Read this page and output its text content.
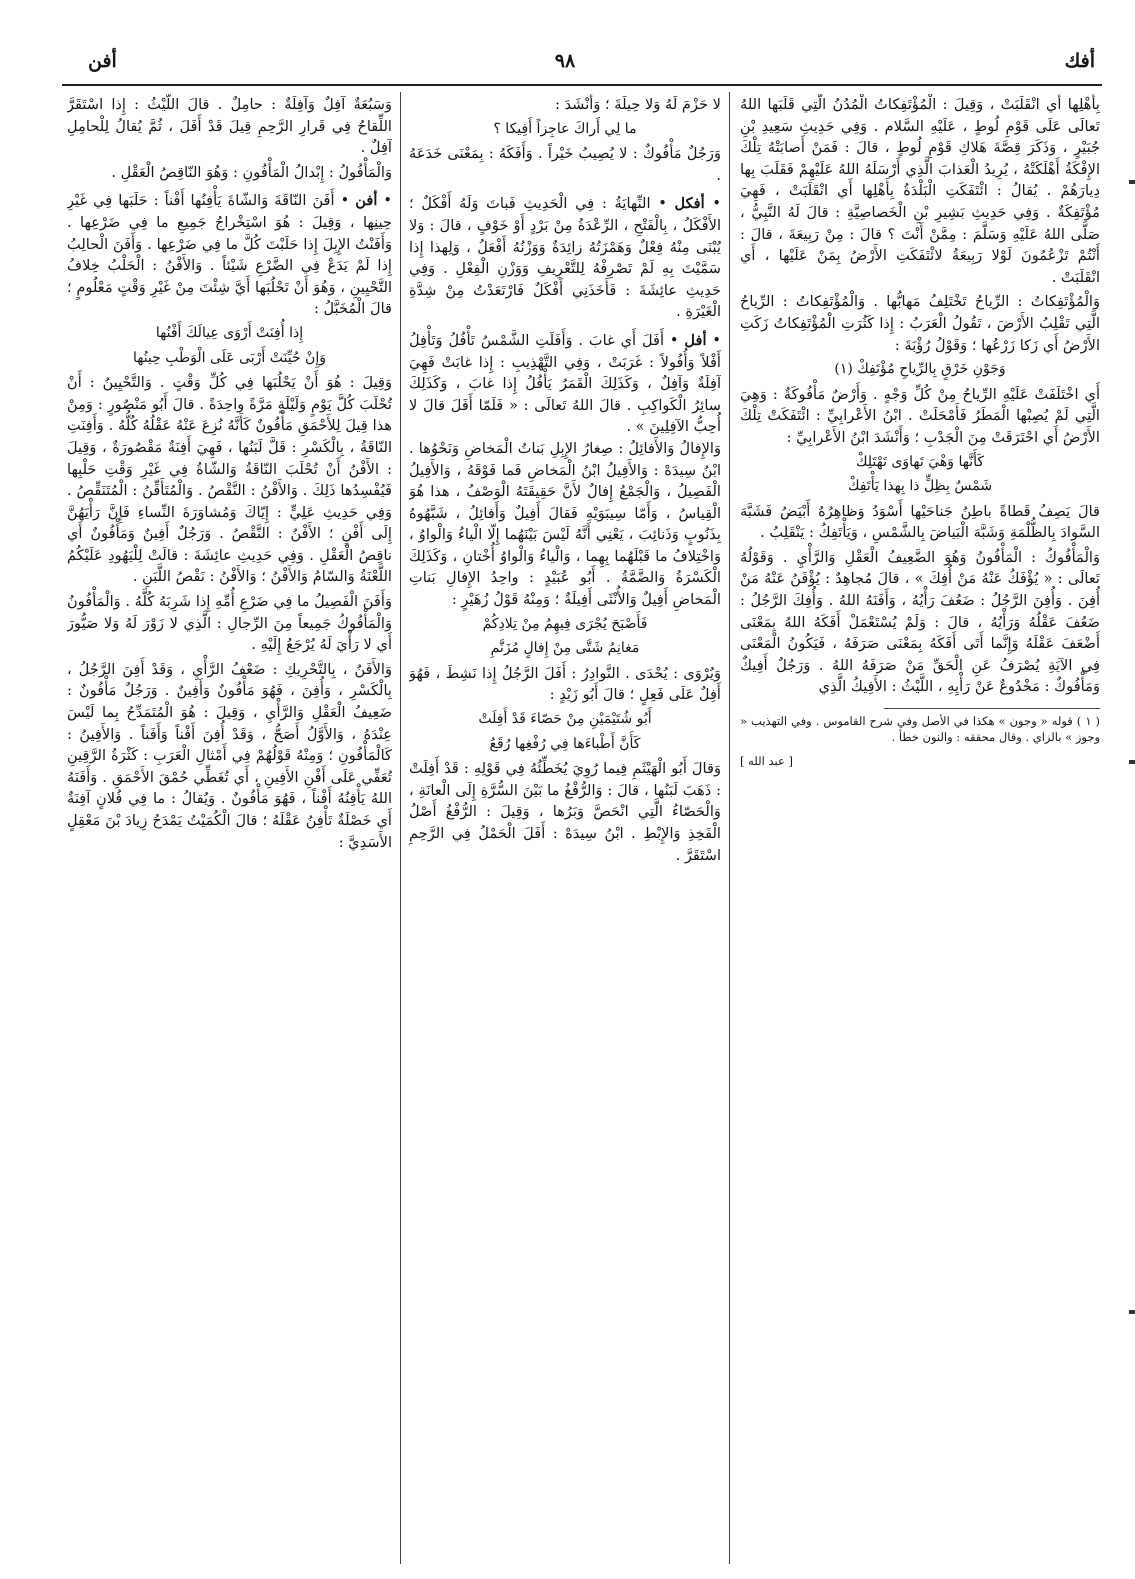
أفك
٩٨
أفن
بِأَهْلِها أَي انْقَلَبَتْ ، وَقِيلَ : الْمُؤْتَفِكاتُ الْمُدُنُ الَّتِي قَلَبَها اللهُ تَعالَى عَلَى قَوْمِ لُوطٍ ، عَلَيْهِ السَّلام . وَفِي حَدِيثِ سَعِيدِ بْنِ جُبَيْرٍ ، وَذَكَرَ قِصَّةَ هَلاكِ قَوْمِ لُوطٍ ، قالَ : فَمَنْ أَصابَتْهُ تِلْكَ الإِفْكَةُ أَهْلَكَتْهُ ، يُرِيدُ الْعَذابَ الَّذِي أَرْسَلَهُ اللهُ عَلَيْهِمْ فَقَلَبَ بِها دِيارَهُمْ . يُقالُ : ائْتَفَكَتِ الْبَلْدَةُ بِأَهْلِها أَي انْقَلَبَتْ ، فَهِيَ مُؤْتَفِكَةٌ . وَفِي حَدِيثِ بَشِيرِ بْنِ الْخَصاصِيَّةِ : قالَ لَهُ النَّبِيُّ ، صَلَّى اللهُ عَلَيْهِ وَسَلَّمَ : مِمَّنْ أَنْتَ ؟ قالَ : مِنْ رَبِيعَةَ ، قالَ : أَنْتُمْ تَزْعُمُونَ لَوْلا رَبِيعَةُ لائْتَفَكَتِ الأَرْضُ بِمَنْ عَلَيْها ، أَي انْقَلَبَتْ .
وَالْمُؤْتَفِكاتُ : الرِّياحُ تَخْتَلِفُ مَهابُّها . وَالْمُؤْتَفِكاتُ : الرِّياحُ الَّتِي تَقْلِبُ الأَرْضَ ، تَقُولُ الْعَرَبُ : إِذا كَثُرَتِ الْمُؤْتَفِكاتُ زَكَتِ الأَرْضُ أَي زَكا زَرْعُها ؛ وَقَوْلُ رُؤْبَةَ :
وَجَوْنِ خَرْقٍ بِالرِّياحِ مُؤْتَفِكْ (١)
أَي اخْتَلَفَتْ عَلَيْهِ الرِّياحُ مِنْ كُلِّ وَجْهٍ . وَأَرْضٌ مَأْفُوكَةٌ : وَهِيَ الَّتِي لَمْ يُصِبْها الْمَطَرُ فَأَمْحَلَتْ . ابْنُ الأَعْرابِيِّ : ائْتَفَكَتْ تِلْكَ الأَرْضُ أَي احْتَرَقَتْ مِنَ الْجَدْبِ ؛ وَأَنْشَدَ ابْنُ الأَعْرابِيِّ :
كَأَنَّها وَهْيَ تَهاوَى تَهْتَلِكْ
شَمْسٌ بِظِلٍّ ذا بِهذا يَأْتَفِكْ
قالَ يَصِفُ قَطاةً باطِنُ جَناحَيْها أَسْوَدُ وَظاهِرُهُ أَبْيَضُ فَشَبَّهَ السَّوادَ بِالظُّلْمَةِ وَشَبَّهَ الْبَياضَ بِالشَّمْسِ ، وَيَأْتَفِكُ : يَنْقَلِبُ .
وَالْمَأْفُوكُ : الْمَأْفُونُ وَهُوَ الضَّعِيفُ الْعَقْلِ وَالرَّأْيِ . وَقَوْلُهُ تَعالَى : « يُؤْفَكُ عَنْهُ مَنْ أُفِكَ » ، قالَ مُجاهِدٌ : يُؤْفَنُ عَنْهُ مَنْ أُفِنَ . وَأُفِنَ الرَّجُلُ : ضَعُفَ رَأْيُهُ ، وَأَفَنَهُ اللهُ . وَأُفِكَ الرَّجُلُ : ضَعُفَ عَقْلُهُ وَرَأْيُهُ ، قالَ : وَلَمْ يُسْتَعْمَلْ أَفَكَهُ اللهُ بِمَعْنَى أَضْعَفَ عَقْلَهُ وَإِنَّما أَتَى أَفَكَهُ بِمَعْنَى صَرَفَهُ ، فَيَكُونُ الْمَعْنَى فِي الآيَةِ يُصْرَفُ عَنِ الْحَقِّ مَنْ صَرَفَهُ اللهُ . وَرَجُلٌ أَفِيكٌ وَمَأْفُوكٌ : مَخْدُوعٌ عَنْ رَأْيِهِ ، اللَّيْثُ : الأَفِيكُ الَّذِي
( ١ ) قوله « وجون » هكذا في الأصل وفي شرح القاموس . وفي التهذيب « وجوز » بالزاي . وقال محققه : والنون خطأ .
[ عبد الله ]
لا حَزْمَ لَهُ وَلا حِيلَةَ ؛ وَأَنْشَدَ :
ما لِي أَراكَ عاجِزاً أَفِيكا ؟
وَرَجُلٌ مَأْفُوكٌ : لا يُصِيبُ خَيْراً . وَأَفَكَهُ : بِمَعْنَى خَدَعَهُ .
• أفكل • النِّهايَةُ : فِي الْحَدِيثِ فَباتَ وَلَهُ أَفْكَلٌ ؛ الأَفْكَلُ ، بِالْفَتْحِ ، الرِّعْدَةُ مِنْ بَرْدٍ أَوْ خَوْفٍ ، قالَ : وَلا يُبْنَى مِنْهُ فِعْلٌ وَهَمْزَتُهُ زائِدَةٌ وَوَزْنُهُ أَفْعَلُ ، وَلِهذا إِذا سَمَّيْتَ بِهِ لَمْ تَصْرِفْهُ لِلتَّعْرِيفِ وَوَزْنِ الْفِعْلِ . وَفِي حَدِيثِ عائِشَةَ : فَأَخَذَنِي أَفْكَلٌ فَارْتَعَدْتُ مِنْ شِدَّةِ الْغَيْرَةِ .
• أفل • أَفَلَ أَي غابَ . وَأَفَلَتِ الشَّمْسُ تَأْفُلُ وَتَأْفِلُ أَفْلاً وَأُفُولاً : غَرَبَتْ ، وَفِي التَّهْذِيبِ : إِذا غابَتْ فَهِيَ آفِلَةٌ وَآفِلٌ ، وَكَذَلِكَ الْقَمَرُ يَأْفُلُ إِذا غابَ ، وَكَذَلِكَ سائِرُ الْكَواكِبِ . قالَ اللهُ تَعالَى : « فَلَمّا أَفَلَ قالَ لا أُحِبُّ الآفِلِينَ » .
وَالإِفالُ وَالأَفائِلُ : صِغارُ الإِبِلِ بَناتُ الْمَخاضِ وَنَحْوُها . ابْنُ سِيدَهْ : وَالأَفِيلُ ابْنُ الْمَخاضِ فَما فَوْقَهُ ، وَالأَفِيلُ الْفَصِيلُ ، وَالْجَمْعُ إِفالٌ لأَنَّ حَقِيقَتَهُ الْوَصْفُ ، هذا هُوَ الْقِياسُ ، وَأَمّا سِيبَوَيْهِ فَقالَ أَفِيلٌ وَأَفائِلُ ، شَبَّهُوهُ بِذَنُوبٍ وَذَنائِبَ ، يَعْنِي أَنَّهُ لَيْسَ بَيْنَهُما إِلّا الْياءُ وَالْواوُ ، وَاخْتِلافُ ما قَبْلَهُما بِهِما ، وَالْياءُ وَالْواوُ أُخْتانِ ، وَكَذَلِكَ الْكَسْرَةُ وَالضَّمَّةُ . أَبُو عُبَيْدٍ : واحِدُ الإِفالِ بَناتِ الْمَخاضِ أَفِيلٌ وَالأُنْثَى أَفِيلَةٌ ؛ وَمِنْهُ قَوْلُ زُهَيْرٍ :
فَأَصْبَحَ يُجْرَى فِيهِمُ مِنْ تِلادِكُمْ
مَغانِمُ شَتَّى مِنْ إِفالٍ مُزَنَّمِ
وَيُرْوَى : يُحْدَى . النَّوادِرُ : أَفَلَ الرَّجُلُ إِذا نَشِطَ ، فَهُوَ أَفِلٌ عَلَى فَعِلٍ ؛ قالَ أَبُو زَيْدٍ :
أَبُو شُتَيْمَيْنِ مِنْ حَصّاءَ قَدْ أَفِلَتْ
كَأَنَّ أَطْباءَها فِي رُفْغِها رُقَعُ
وَقالَ أَبُو الْهَيْثَمِ فِيما رُوِيَ يُخَطِّئُهُ فِي قَوْلِهِ : قَدْ أَفِلَتْ : ذَهَبَ لَبَنُها ، قالَ : وَالرُّفْغُ ما بَيْنَ السُّرَّةِ إِلَى الْعانَةِ ، وَالْحَصّاءُ الَّتِي انْحَصَّ وَبَرُها ، وَقِيلَ : الرُّفْغُ أَصْلُ الْفَخِذِ وَالإِبْطِ . ابْنُ سِيدَهْ : أَفَلَ الْحَمْلُ فِي الرَّحِمِ اسْتَقَرَّ .
وَسَبُعَةٌ آفِلٌ وَآفِلَةٌ : حامِلٌ . قالَ اللَّيْثُ : إِذا اسْتَقَرَّ اللِّقاحُ فِي قَرارِ الرَّحِمِ قِيلَ قَدْ أَفَلَ ، ثُمَّ يُقالُ لِلْحامِلِ آفِلٌ .
وَالْمَأْفُولُ : إِبْدالُ الْمَأْفُونِ : وَهُوَ النّاقِصُ الْعَقْلِ .
• أفن • أَفَنَ النّاقَةَ وَالشّاةَ يَأْفِنُها أَفْناً : حَلَبَها فِي غَيْرِ حِينِها ، وَقِيلَ : هُوَ اسْتِخْراجُ جَمِيعِ ما فِي ضَرْعِها . وَأَفَنْتُ الإِبِلَ إِذا حَلَبْتَ كُلَّ ما فِي ضَرْعِها . وَأَفَنَ الْحالِبُ إِذا لَمْ يَدَعْ فِي الضَّرْعِ شَيْئاً . وَالأَفْنُ : الْحَلْبُ خِلافُ التَّحْيِينِ ، وَهُوَ أَنْ تَحْلُبَها أَيَّ شِئْتَ مِنْ غَيْرِ وَقْتٍ مَعْلُومٍ ؛ قالَ الْمُخَبَّلُ :
إِذا أُفِنَتْ أَرْوَى عِيالَكَ أَفْنُها
وَإِنْ حُيِّنَتْ أَرْبَى عَلَى الْوَطْبِ حِينُها
وَقِيلَ : هُوَ أَنْ يَحْلُبَها فِي كُلِّ وَقْتٍ . وَالتَّحْيِينُ : أَنْ تُحْلَبَ كُلَّ يَوْمٍ وَلَيْلَةٍ مَرَّةً واحِدَةً . قالَ أَبُو مَنْصُورٍ : وَمِنْ هذا قِيلَ لِلأَحْمَقِ مَأْفُونٌ كَأَنَّهُ نُزِعَ عَنْهُ عَقْلُهُ كُلُّهُ . وَأَفِنَتِ النّاقَةُ ، بِالْكَسْرِ : قَلَّ لَبَنُها ، فَهِيَ أَفِنَةٌ مَقْصُورَةٌ ، وَقِيلَ : الأَفْنُ أَنْ تُحْلَبَ النّاقَةُ وَالشّاةُ فِي غَيْرِ وَقْتِ حَلْبِها فَيُفْسِدُها ذَلِكَ . وَالأَفْنُ : النَّقْصُ . وَالْمُتَأَفِّنُ : الْمُتَنَقِّصُ . وَفِي حَدِيثِ عَلِيٍّ : إِيّاكَ وَمُشاوَرَةَ النِّساءِ فَإِنَّ رَأْيَهُنَّ إِلَى أَفْنٍ ؛ الأَفْنُ : النَّقْصُ . وَرَجُلٌ أَفِينٌ وَمَأْفُونٌ أَي ناقِصُ الْعَقْلِ . وَفِي حَدِيثِ عائِشَةَ : قالَتْ لِلْيَهُودِ عَلَيْكُمُ اللَّعْنَةُ وَالسّامُ وَالأَفْنُ ؛ وَالأَفْنُ : نَقْصُ اللَّبَنِ .
وَأَفَنَ الْفَصِيلُ ما فِي ضَرْعِ أُمِّهِ إِذا شَرِبَهُ كُلَّهُ . وَالْمَأْفُونُ وَالْمَأْفُوكُ جَمِيعاً مِنَ الرِّجالِ : الَّذِي لا زَوْرَ لَهُ وَلا صَيُّورَ أَي لا رَأْيَ لَهُ يُرْجَعُ إِلَيْهِ .
وَالأَفَنُ ، بِالتَّحْرِيكِ : ضَعْفُ الرَّأْيِ ، وَقَدْ أَفِنَ الرَّجُلُ ، بِالْكَسْرِ ، وَأُفِنَ ، فَهُوَ مَأْفُونٌ وَأَفِينٌ . وَرَجُلٌ مَأْفُونٌ : ضَعِيفُ الْعَقْلِ وَالرَّأْيِ ، وَقِيلَ : هُوَ الْمُتَمَدِّحُ بِما لَيْسَ عِنْدَهُ ، وَالأَوَّلُ أَصَحُّ ، وَقَدْ أُفِنَ أَفْناً وَأَفَناً . وَالأَفِينُ : كَالْمَأْفُونِ ؛ وَمِنْهُ قَوْلُهُمْ فِي أَمْثالِ الْعَرَبِ : كَثْرَةُ الرَّقِينِ تُعَفِّي عَلَى أَفْنِ الأَفِينِ ، أَي تُغَطِّي حُمْقَ الأَحْمَقِ . وَأَفَنَهُ اللهُ يَأْفِنُهُ أَفْناً ، فَهُوَ مَأْفُونٌ . وَيُقالُ : ما فِي فُلانٍ آفِنَةٌ أَي خَصْلَةٌ تَأْفِنُ عَقْلَهُ ؛ قالَ الْكُمَيْتُ يَمْدَحُ زِيادَ بْنَ مَعْقِلٍ الأَسَدِيَّ :
